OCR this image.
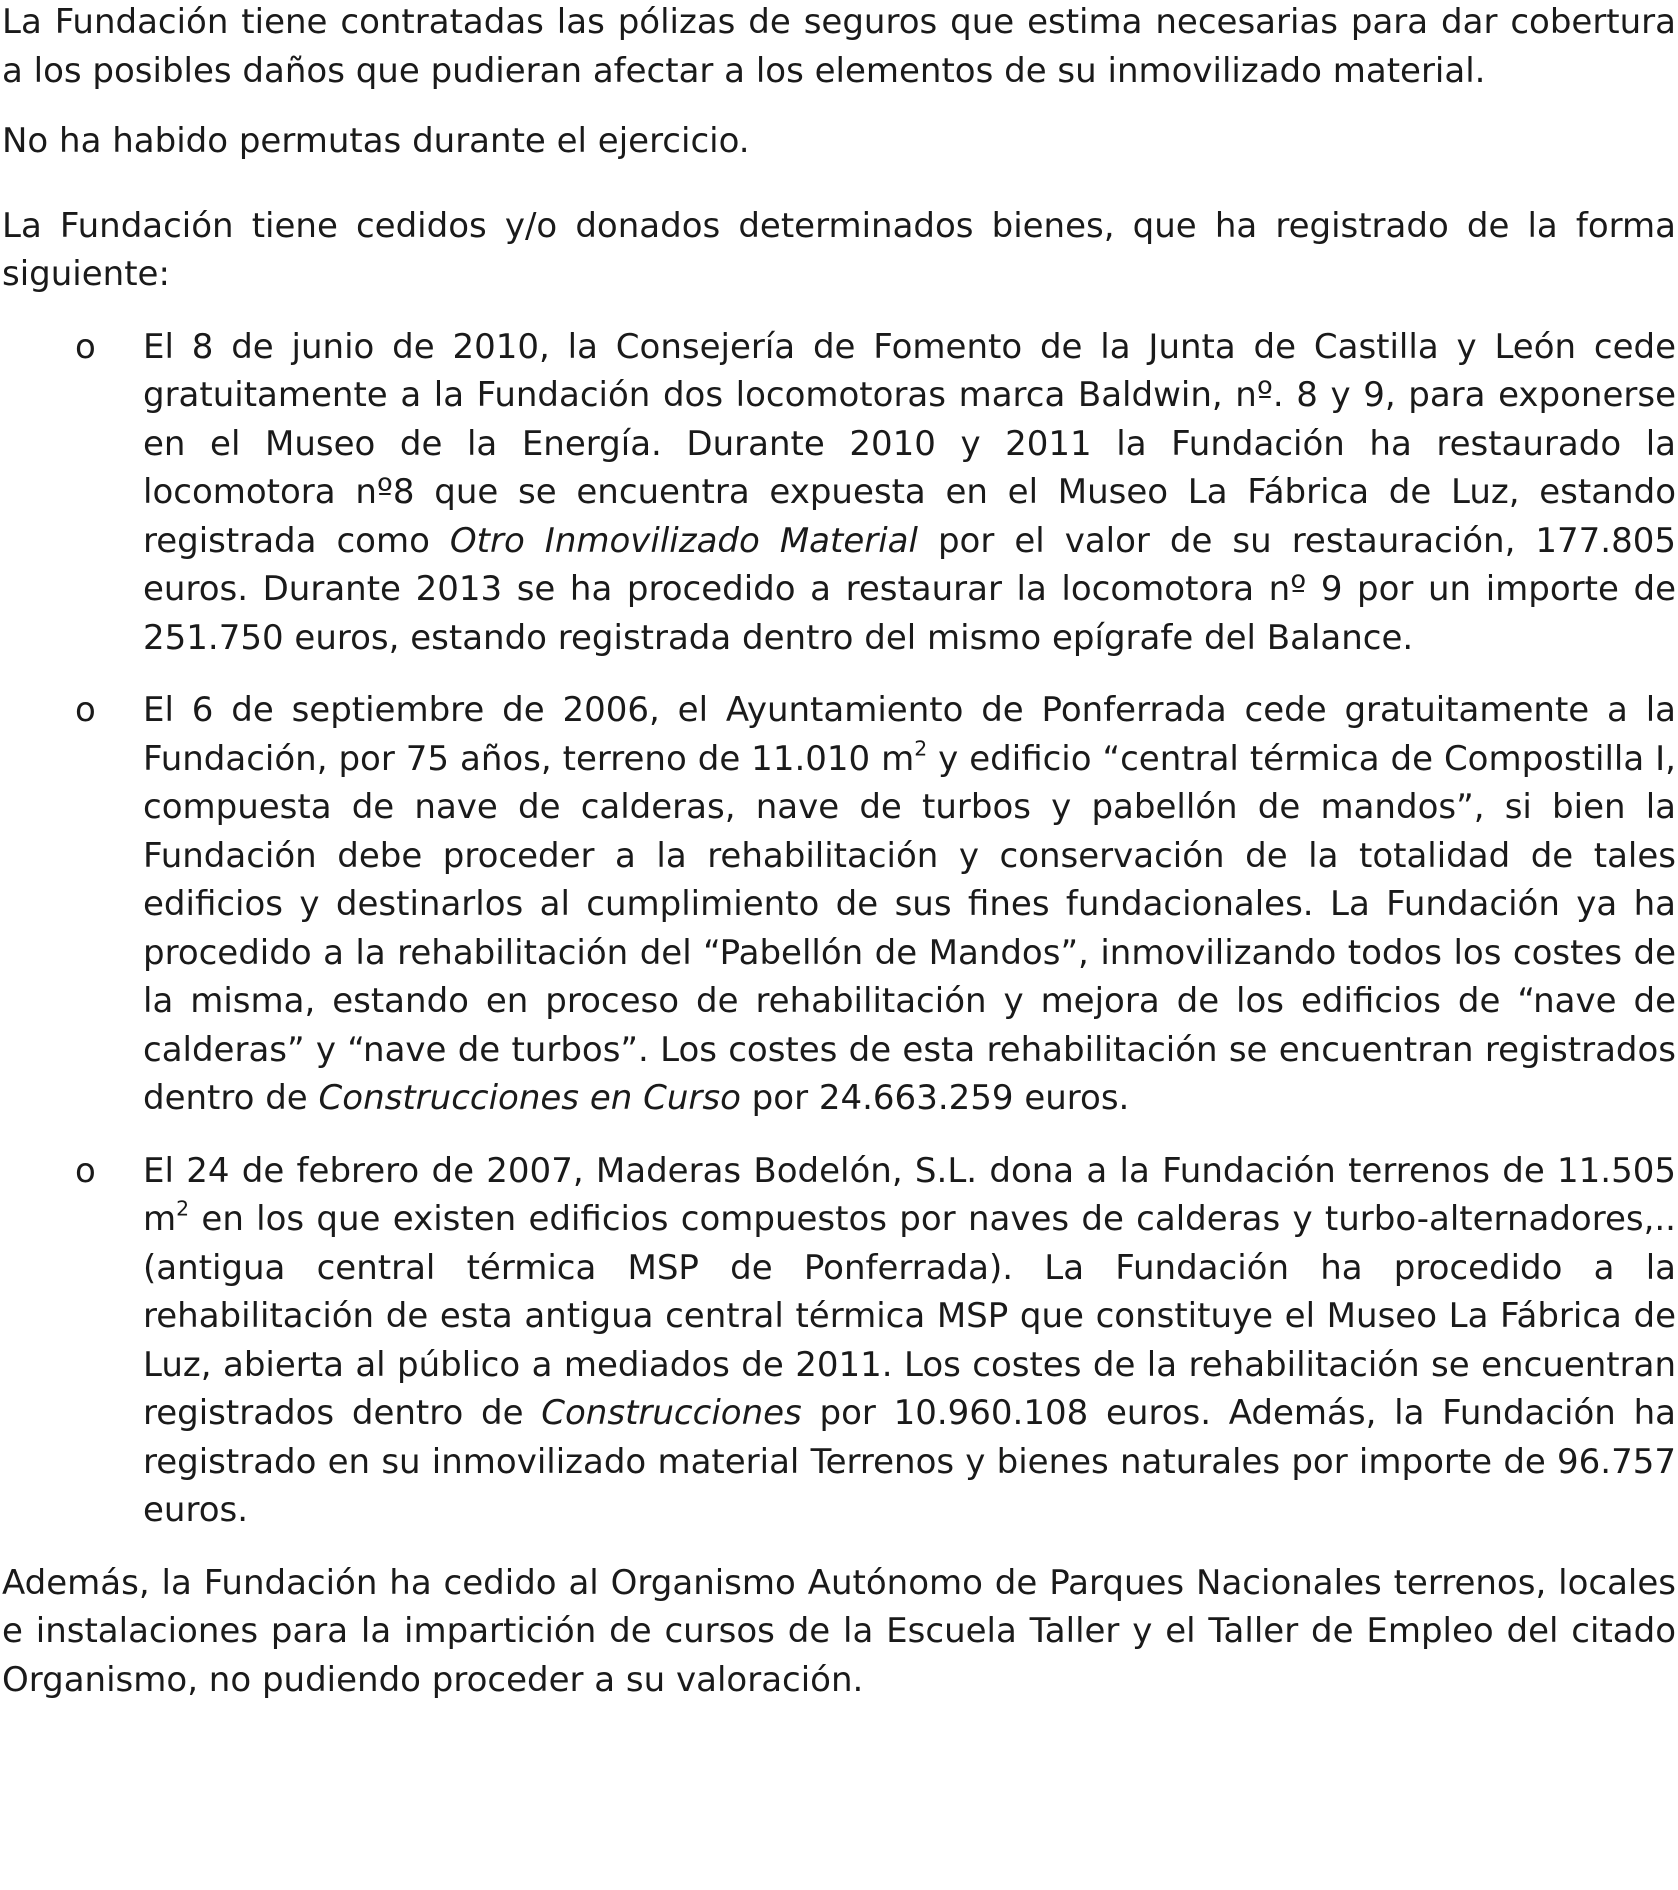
La Fundación tiene contratadas las pólizas de seguros que estima necesarias para dar cobertura a los posibles daños que pudieran afectar a los elementos de su inmovilizado material.

No ha habido permutas durante el ejercicio.

La Fundación tiene cedidos y/o donados determinados bienes, que ha registrado de la forma siguiente:

o El 8 de junio de 2010, la Consejería de Fomento de la Junta de Castilla y León cede gratuitamente a la Fundación dos locomotoras marca Baldwin, nº. 8 y 9, para exponerse en el Museo de la Energía. Durante 2010 y 2011 la Fundación ha restaurado la locomotora nº8 que se encuentra expuesta en el Museo La Fábrica de Luz, estando registrada como Otro Inmovilizado Material por el valor de su restauración, 177.805 euros. Durante 2013 se ha procedido a restaurar la locomotora nº 9 por un importe de 251.750 euros, estando registrada dentro del mismo epígrafe del Balance.
o El 6 de septiembre de 2006, el Ayuntamiento de Ponferrada cede gratuitamente a la Fundación, por 75 años, terreno de 11.010 $m^2$ y edificio “central térmica de Compostilla I, compuesta de nave de calderas, nave de turbos y pabellón de mandos”, si bien la Fundación debe proceder a la rehabilitación y conservación de la totalidad de tales edificios y destinarlos al cumplimiento de sus fines fundacionales. La Fundación ya ha procedido a la rehabilitación del “Pabellón de Mandos”, inmovilizando todos los costes de la misma, estando en proceso de rehabilitación y mejora de los edificios de “nave de calderas” y “nave de turbos”. Los costes de esta rehabilitación se encuentran registrados dentro de Construcciones en Curso por 24.663.259 euros.
o El 24 de febrero de 2007, Maderas Bodelón, S.L. dona a la Fundación terrenos de 11.505 $m^2$ en los que existen edificios compuestos por naves de calderas y turbo-alternadores,..(antigua central térmica MSP de Ponferrada). La Fundación ha procedido a la rehabilitación de esta antigua central térmica MSP que constituye el Museo La Fábrica de Luz, abierta al público a mediados de 2011. Los costes de la rehabilitación se encuentran registrados dentro de Construcciones por 10.960.108 euros. Además, la Fundación ha registrado en su inmovilizado material Terrenos y bienes naturales por importe de 96.757 euros.

Además, la Fundación ha cedido al Organismo Autónomo de Parques Nacionales terrenos, locales e instalaciones para la impartición de cursos de la Escuela Taller y el Taller de Empleo del citado Organismo, no pudiendo proceder a su valoración.
